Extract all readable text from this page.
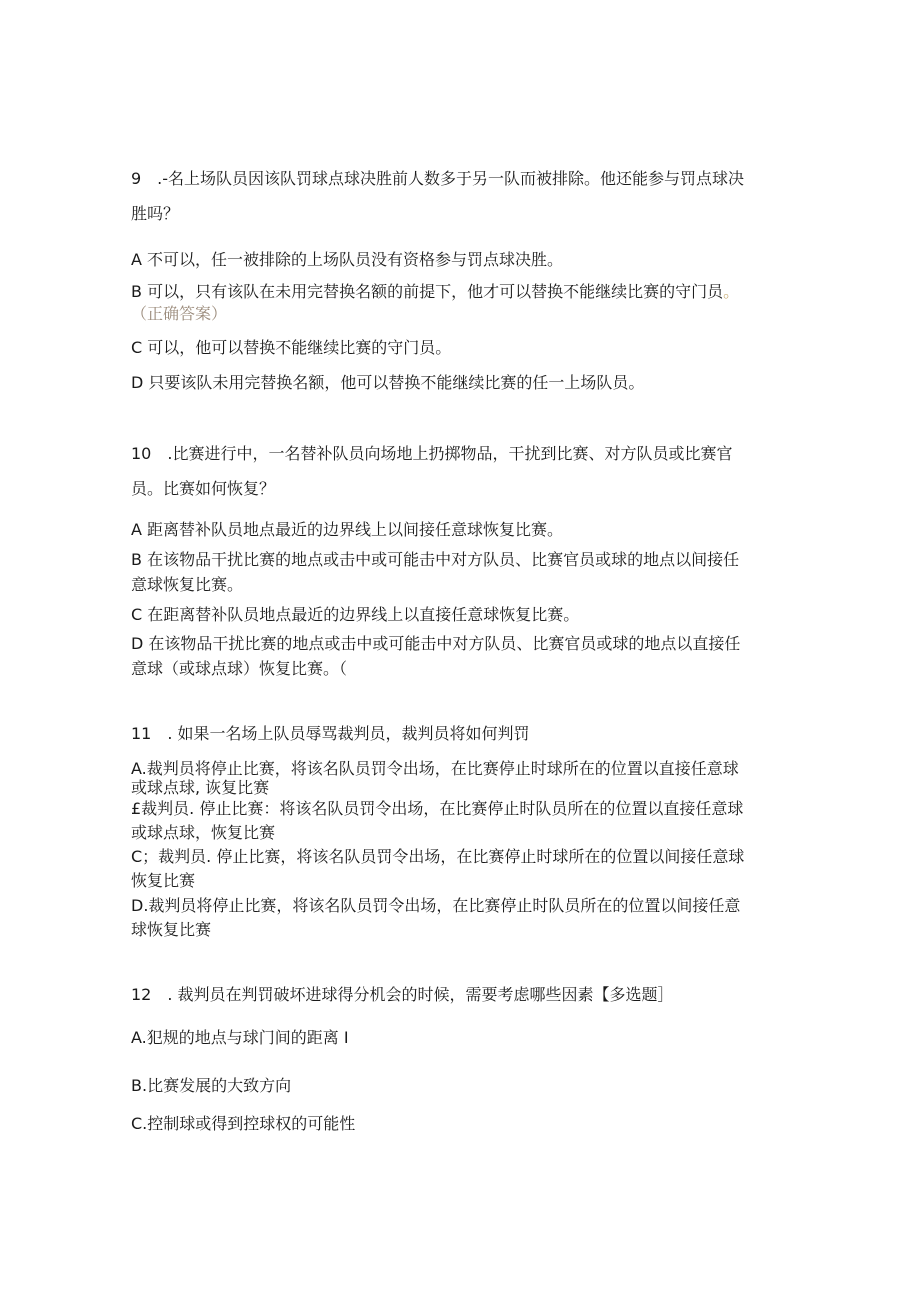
9　.-名上场队员因该队罚球点球决胜前人数多于另一队而被排除。他还能参与罚点球决
胜吗？
A 不可以，任一被排除的上场队员没有资格参与罚点球决胜。
B 可以，只有该队在未用完替换名额的前提下，他才可以替换不能继续比赛的守门员。
（正确答案）
C 可以，他可以替换不能继续比赛的守门员。
D 只要该队未用完替换名额，他可以替换不能继续比赛的任一上场队员。
10　.比赛进行中，一名替补队员向场地上扔掷物品，干扰到比赛、对方队员或比赛官
员。比赛如何恢复？
A 距离替补队员地点最近的边界线上以间接任意球恢复比赛。
B 在该物品干扰比赛的地点或击中或可能击中对方队员、比赛官员或球的地点以间接任
意球恢复比赛。
C 在距离替补队员地点最近的边界线上以直接任意球恢复比赛。
D 在该物品干扰比赛的地点或击中或可能击中对方队员、比赛官员或球的地点以直接任
意球（或球点球）恢复比赛。（
11　. 如果一名场上队员辱骂裁判员，裁判员将如何判罚
A.裁判员将停止比赛，将该名队员罚令出场，在比赛停止时球所在的位置以直接任意球
或球点球, 诙复比赛
£裁判员. 停止比赛：将该名队员罚令出场，在比赛停止时队员所在的位置以直接任意球
或球点球，恢复比赛
C；裁判员. 停止比赛，将该名队员罚令出场，在比赛停止时球所在的位置以间接任意球
恢复比赛
D.裁判员将停止比赛，将该名队员罚令出场，在比赛停止时队员所在的位置以间接任意
球恢复比赛
12　. 裁判员在判罚破坏进球得分机会的时候，需要考虑哪些因素【多选题］
A.犯规的地点与球门间的距离 I
B.比赛发展的大致方向
C.控制球或得到控球权的可能性
